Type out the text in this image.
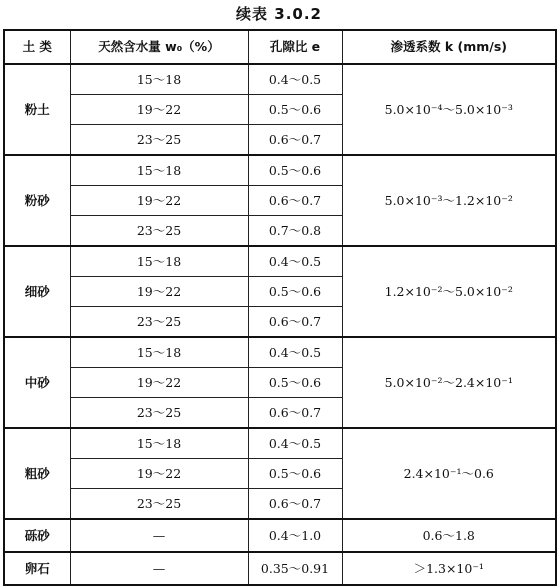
续表 3.0.2
土 类	天然含水量 w₀（%）	孔隙比 e	渗透系数 k (mm/s)
粉土	15～18	0.4～0.5	5.0×10⁻⁴～5.0×10⁻³
	19～22	0.5～0.6	
	23～25	0.6～0.7	
粉砂	15～18	0.5～0.6	5.0×10⁻³～1.2×10⁻²
	19～22	0.6～0.7	
	23～25	0.7～0.8	
细砂	15～18	0.4～0.5	1.2×10⁻²～5.0×10⁻²
	19～22	0.5～0.6	
	23～25	0.6～0.7	
中砂	15～18	0.4～0.5	5.0×10⁻²～2.4×10⁻¹
	19～22	0.5～0.6	
	23～25	0.6～0.7	
粗砂	15～18	0.4～0.5	2.4×10⁻¹～0.6
	19～22	0.5～0.6	
	23～25	0.6～0.7	
砾砂	—	0.4～1.0	0.6～1.8
卵石	—	0.35～0.91	＞1.3×10⁻¹
